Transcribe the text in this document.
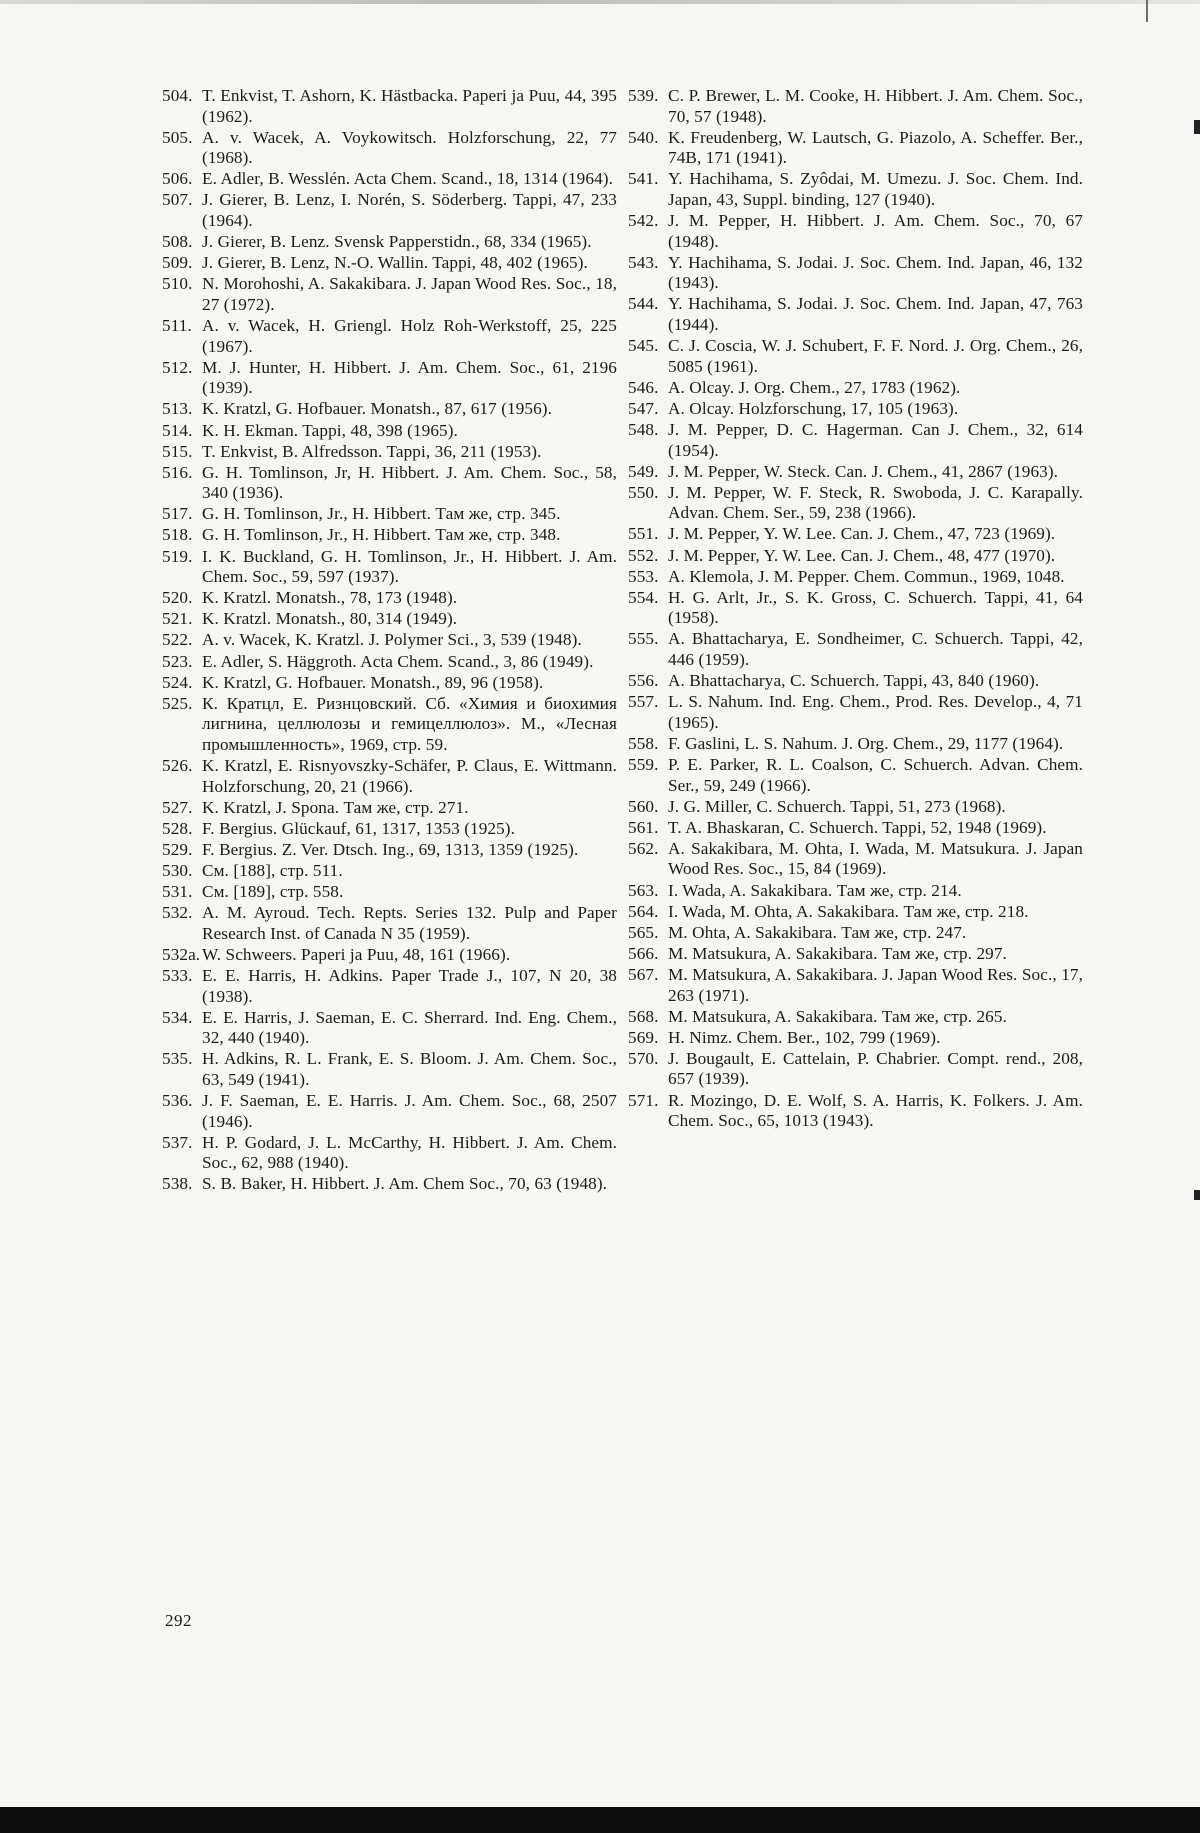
504. T. Enkvist, T. Ashorn, K. Hästbacka. Paperi ja Puu, 44, 395 (1962).
505. A. v. Wacek, A. Voykowitsch. Holzforschung, 22, 77 (1968).
506. E. Adler, B. Wesslén. Acta Chem. Scand., 18, 1314 (1964).
507. J. Gierer, B. Lenz, I. Norén, S. Söderberg. Tappi, 47, 233 (1964).
508. J. Gierer, B. Lenz. Svensk Papperstidn., 68, 334 (1965).
509. J. Gierer, B. Lenz, N.-O. Wallin. Tappi, 48, 402 (1965).
510. N. Morohoshi, A. Sakakibara. J. Japan Wood Res. Soc., 18, 27 (1972).
511. A. v. Wacek, H. Griengl. Holz Roh-Werkstoff, 25, 225 (1967).
512. M. J. Hunter, H. Hibbert. J. Am. Chem. Soc., 61, 2196 (1939).
513. K. Kratzl, G. Hofbauer. Monatsh., 87, 617 (1956).
514. K. H. Ekman. Tappi, 48, 398 (1965).
515. T. Enkvist, B. Alfredsson. Tappi, 36, 211 (1953).
516. G. H. Tomlinson, Jr, H. Hibbert. J. Am. Chem. Soc., 58, 340 (1936).
517. G. H. Tomlinson, Jr., H. Hibbert. Там же, стр. 345.
518. G. H. Tomlinson, Jr., H. Hibbert. Там же, стр. 348.
519. I. K. Buckland, G. H. Tomlinson, Jr., H. Hibbert. J. Am. Chem. Soc., 59, 597 (1937).
520. K. Kratzl. Monatsh., 78, 173 (1948).
521. K. Kratzl. Monatsh., 80, 314 (1949).
522. A. v. Wacek, K. Kratzl. J. Polymer Sci., 3, 539 (1948).
523. E. Adler, S. Häggroth. Acta Chem. Scand., 3, 86 (1949).
524. K. Kratzl, G. Hofbauer. Monatsh., 89, 96 (1958).
525. К. Кратцл, Е. Ризнцовский. Сб. «Химия и биохимия лигнина, целлюлозы и гемицеллюлоз». М., «Лесная промышленность», 1969, стр. 59.
526. K. Kratzl, E. Risnyovszky-Schäfer, P. Claus, E. Wittmann. Holzforschung, 20, 21 (1966).
527. K. Kratzl, J. Spona. Там же, стр. 271.
528. F. Bergius. Glückauf, 61, 1317, 1353 (1925).
529. F. Bergius. Z. Ver. Dtsch. Ing., 69, 1313, 1359 (1925).
530. См. [188], стр. 511.
531. См. [189], стр. 558.
532. A. M. Ayroud. Tech. Repts. Series 132. Pulp and Paper Research Inst. of Canada N 35 (1959).
532a. W. Schweers. Paperi ja Puu, 48, 161 (1966).
533. E. E. Harris, H. Adkins. Paper Trade J., 107, N 20, 38 (1938).
534. E. E. Harris, J. Saeman, E. C. Sherrard. Ind. Eng. Chem., 32, 440 (1940).
535. H. Adkins, R. L. Frank, E. S. Bloom. J. Am. Chem. Soc., 63, 549 (1941).
536. J. F. Saeman, E. E. Harris. J. Am. Chem. Soc., 68, 2507 (1946).
537. H. P. Godard, J. L. McCarthy, H. Hibbert. J. Am. Chem. Soc., 62, 988 (1940).
538. S. B. Baker, H. Hibbert. J. Am. Chem Soc., 70, 63 (1948).
539. C. P. Brewer, L. M. Cooke, H. Hibbert. J. Am. Chem. Soc., 70, 57 (1948).
540. K. Freudenberg, W. Lautsch, G. Piazolo, A. Scheffer. Ber., 74B, 171 (1941).
541. Y. Hachihama, S. Zyôdai, M. Umezu. J. Soc. Chem. Ind. Japan, 43, Suppl. binding, 127 (1940).
542. J. M. Pepper, H. Hibbert. J. Am. Chem. Soc., 70, 67 (1948).
543. Y. Hachihama, S. Jodai. J. Soc. Chem. Ind. Japan, 46, 132 (1943).
544. Y. Hachihama, S. Jodai. J. Soc. Chem. Ind. Japan, 47, 763 (1944).
545. C. J. Coscia, W. J. Schubert, F. F. Nord. J. Org. Chem., 26, 5085 (1961).
546. A. Olcay. J. Org. Chem., 27, 1783 (1962).
547. A. Olcay. Holzforschung, 17, 105 (1963).
548. J. M. Pepper, D. C. Hagerman. Can J. Chem., 32, 614 (1954).
549. J. M. Pepper, W. Steck. Can. J. Chem., 41, 2867 (1963).
550. J. M. Pepper, W. F. Steck, R. Swoboda, J. C. Karapally. Advan. Chem. Ser., 59, 238 (1966).
551. J. M. Pepper, Y. W. Lee. Can. J. Chem., 47, 723 (1969).
552. J. M. Pepper, Y. W. Lee. Can. J. Chem., 48, 477 (1970).
553. A. Klemola, J. M. Pepper. Chem. Commun., 1969, 1048.
554. H. G. Arlt, Jr., S. K. Gross, C. Schuerch. Tappi, 41, 64 (1958).
555. A. Bhattacharya, E. Sondheimer, C. Schuerch. Tappi, 42, 446 (1959).
556. A. Bhattacharya, C. Schuerch. Tappi, 43, 840 (1960).
557. L. S. Nahum. Ind. Eng. Chem., Prod. Res. Develop., 4, 71 (1965).
558. F. Gaslini, L. S. Nahum. J. Org. Chem., 29, 1177 (1964).
559. P. E. Parker, R. L. Coalson, C. Schuerch. Advan. Chem. Ser., 59, 249 (1966).
560. J. G. Miller, C. Schuerch. Tappi, 51, 273 (1968).
561. T. A. Bhaskaran, C. Schuerch. Tappi, 52, 1948 (1969).
562. A. Sakakibara, M. Ohta, I. Wada, M. Matsukura. J. Japan Wood Res. Soc., 15, 84 (1969).
563. I. Wada, A. Sakakibara. Там же, стр. 214.
564. I. Wada, M. Ohta, A. Sakakibara. Там же, стр. 218.
565. M. Ohta, A. Sakakibara. Там же, стр. 247.
566. M. Matsukura, A. Sakakibara. Там же, стр. 297.
567. M. Matsukura, A. Sakakibara. J. Japan Wood Res. Soc., 17, 263 (1971).
568. M. Matsukura, A. Sakakibara. Там же, стр. 265.
569. H. Nimz. Chem. Ber., 102, 799 (1969).
570. J. Bougault, E. Cattelain, P. Chabrier. Compt. rend., 208, 657 (1939).
571. R. Mozingo, D. E. Wolf, S. A. Harris, K. Folkers. J. Am. Chem. Soc., 65, 1013 (1943).
292
